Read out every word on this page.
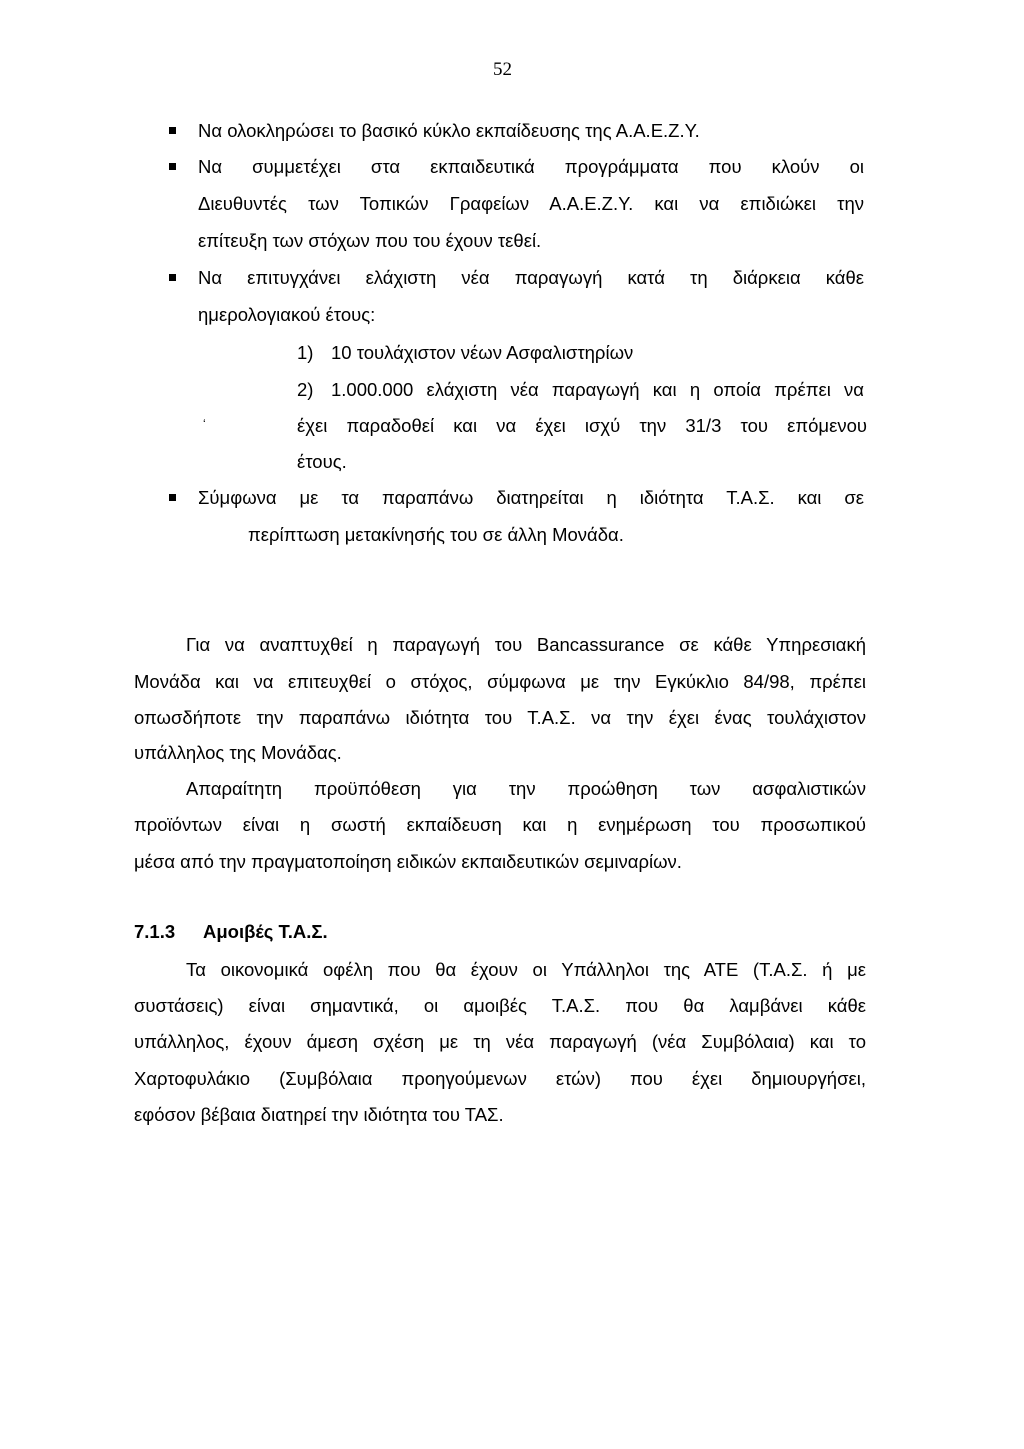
52
Να ολοκληρώσει το βασικό κύκλο εκπαίδευσης της Α.Α.Ε.Ζ.Υ.
Να συμμετέχει στα εκπαιδευτικά προγράμματα που κλούν οι
Διευθυντές των Τοπικών Γραφείων Α.Α.Ε.Ζ.Υ. και να επιδιώκει την
επίτευξη των στόχων που του έχουν τεθεί.
Να επιτυγχάνει ελάχιστη νέα παραγωγή κατά τη διάρκεια κάθε
ημερολογιακού έτους:
1) 10 τουλάχιστον νέων Ασφαλιστηρίων
2) 1.000.000 ελάχιστη νέα παραγωγή και η οποία πρέπει να
ʻ	έχει παραδοθεί και να έχει ισχύ την 31/3 του επόμενου
έτους.
Σύμφωνα με τα παραπάνω διατηρείται η ιδιότητα Τ.Α.Σ. και σε
περίπτωση μετακίνησής του σε άλλη Μονάδα.
Για να αναπτυχθεί η παραγωγή του Bancassurance σε κάθε Υπηρεσιακή
Μονάδα και να επιτευχθεί ο στόχος, σύμφωνα με την Εγκύκλιο 84/98, πρέπει
οπωσδήποτε την παραπάνω ιδιότητα του Τ.Α.Σ. να την έχει ένας τουλάχιστον
υπάλληλος της Μονάδας.
Απαραίτητη προϋπόθεση για την προώθηση των ασφαλιστικών
προϊόντων είναι η σωστή εκπαίδευση και η ενημέρωση του προσωπικού
μέσα από την πραγματοποίηση ειδικών εκπαιδευτικών σεμιναρίων.
7.1.3 Αμοιβές Τ.Α.Σ.
Τα οικονομικά οφέλη που θα έχουν οι Υπάλληλοι της ΑΤΕ (Τ.Α.Σ. ή με
συστάσεις) είναι σημαντικά, οι αμοιβές Τ.Α.Σ. που θα λαμβάνει κάθε
υπάλληλος, έχουν άμεση σχέση με τη νέα παραγωγή (νέα Συμβόλαια) και το
Χαρτοφυλάκιο (Συμβόλαια προηγούμενων ετών) που έχει δημιουργήσει,
εφόσον βέβαια διατηρεί την ιδιότητα του ΤΑΣ.
